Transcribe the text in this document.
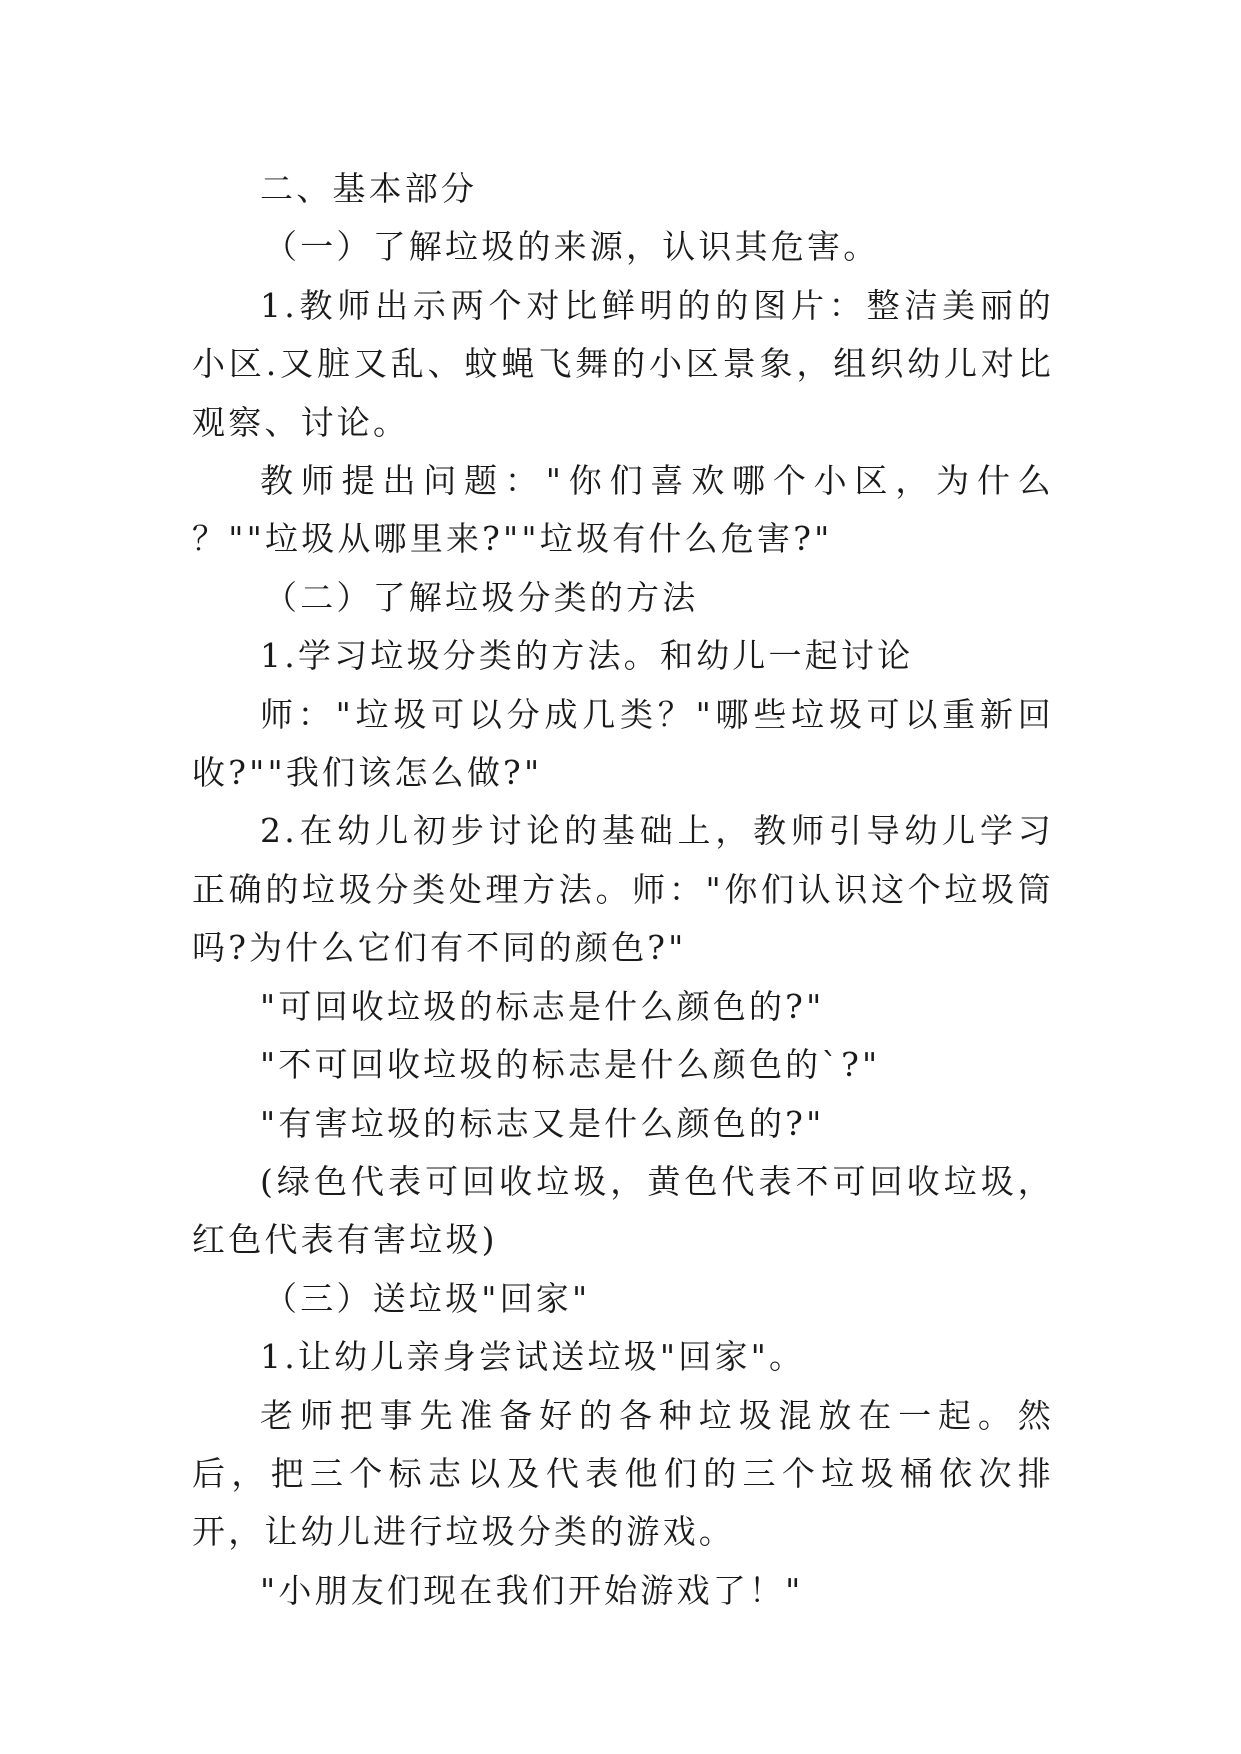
二、基本部分

（一）了解垃圾的来源，认识其危害。

1.教师出示两个对比鲜明的的图片：整洁美丽的小区.又脏又乱、蚊蝇飞舞的小区景象，组织幼儿对比观察、讨论。

教师提出问题："你们喜欢哪个小区，为什么 ？""垃圾从哪里来?""垃圾有什么危害?"

（二）了解垃圾分类的方法

1.学习垃圾分类的方法。和幼儿一起讨论

师："垃圾可以分成几类？"哪些垃圾可以重新回收?""我们该怎么做?"

2.在幼儿初步讨论的基础上，教师引导幼儿学习正确的垃圾分类处理方法。师："你们认识这个垃圾筒吗?为什么它们有不同的颜色?"

"可回收垃圾的标志是什么颜色的?"

"不可回收垃圾的标志是什么颜色的`?"

"有害垃圾的标志又是什么颜色的?"

(绿色代表可回收垃圾，黄色代表不可回收垃圾，红色代表有害垃圾)

（三）送垃圾"回家"

1.让幼儿亲身尝试送垃圾"回家"。

老师把事先准备好的各种垃圾混放在一起。然后，把三个标志以及代表他们的三个垃圾桶依次排开，让幼儿进行垃圾分类的游戏。

"小朋友们现在我们开始游戏了！"
